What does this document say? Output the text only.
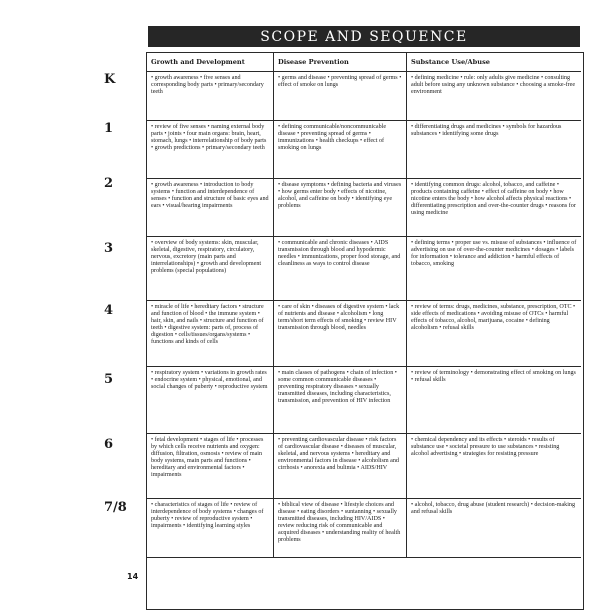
SCOPE AND SEQUENCE
Growth and Development	Disease Prevention	Substance Use/Abuse
• growth awareness • five senses and corresponding body parts • primary/secondary teeth
• germs and disease • preventing spread of germs • effect of smoke on lungs
• defining medicine • rule: only adults give medicine • consulting adult before using any unknown substance • choosing a smoke-free environment
• review of five senses • naming external body parts • joints • four main organs: brain, heart, stomach, lungs • interrelationship of body parts • growth predictions • primary/secondary teeth
• defining communicable/noncommunicable disease • preventing spread of germs • immunizations • health checkups • effect of smoking on lungs
• differentiating drugs and medicines • symbols for hazardous substances • identifying some drugs
• growth awareness • introduction to body systems • function and interdependence of senses • function and structure of basic eyes and ears • visual/hearing impairments
• disease symptoms • defining bacteria and viruses • how germs enter body • effects of nicotine, alcohol, and caffeine on body • identifying eye problems
• identifying common drugs: alcohol, tobacco, and caffeine • products containing caffeine • effect of caffeine on body • how nicotine enters the body • how alcohol affects physical reactions • differentiating prescription and over-the-counter drugs • reasons for using medicine
• overview of body systems: skin, muscular, skeletal, digestive, respiratory, circulatory, nervous, excretory (main parts and interrelationships) • growth and development problems (special populations)
• communicable and chronic diseases • AIDS transmission through blood and hypodermic needles • immunizations, proper food storage, and cleanliness as ways to control disease
• defining terms • proper use vs. misuse of substances • influence of advertising on use of over-the-counter medicines • dosages • labels for information • tolerance and addiction • harmful effects of tobacco, smoking
• miracle of life • hereditary factors • structure and function of blood • the immune system • hair, skin, and nails • structure and function of teeth • digestive system: parts of, process of digestion • cells/tissues/organs/systems • functions and kinds of cells
• care of skin • diseases of digestive system • lack of nutrients and disease • alcoholism • long term/short term effects of smoking • review HIV transmission through blood, needles
• review of terms: drugs, medicines, substance, prescription, OTC • side effects of medications • avoiding misuse of OTCs • harmful effects of tobacco, alcohol, marijuana, cocaine • defining alcoholism • refusal skills
• respiratory system • variations in growth rates • endocrine system • physical, emotional, and social changes of puberty • reproductive system
• main classes of pathogens • chain of infection • some common communicable diseases • preventing respiratory diseases • sexually transmitted diseases, including characteristics, transmission, and prevention of HIV infection
• review of terminology • demonstrating effect of smoking on lungs • refusal skills
• fetal development • stages of life • processes by which cells receive nutrients and oxygen: diffusion, filtration, osmosis • review of main body systems, main parts and functions • hereditary and environmental factors • impairments
• preventing cardiovascular disease • risk factors of cardiovascular disease • diseases of muscular, skeletal, and nervous systems • hereditary and environmental factors in disease • alcoholism and cirrhosis • anorexia and bulimia • AIDS/HIV
• chemical dependency and its effects • steroids • results of substance use • societal pressure to use substances • resisting alcohol advertising • strategies for resisting pressure
• characteristics of stages of life • review of interdependence of body systems • changes of puberty • review of reproductive system • impairments • identifying learning styles
• biblical view of disease • lifestyle choices and disease • eating disorders • suntanning • sexually transmitted diseases, including HIV/AIDS • review reducing risk of communicable and acquired diseases • understanding reality of health problems
• alcohol, tobacco, drug abuse (student research) • decision-making and refusal skills
K
1
2
3
4
5
6
7/8
14
